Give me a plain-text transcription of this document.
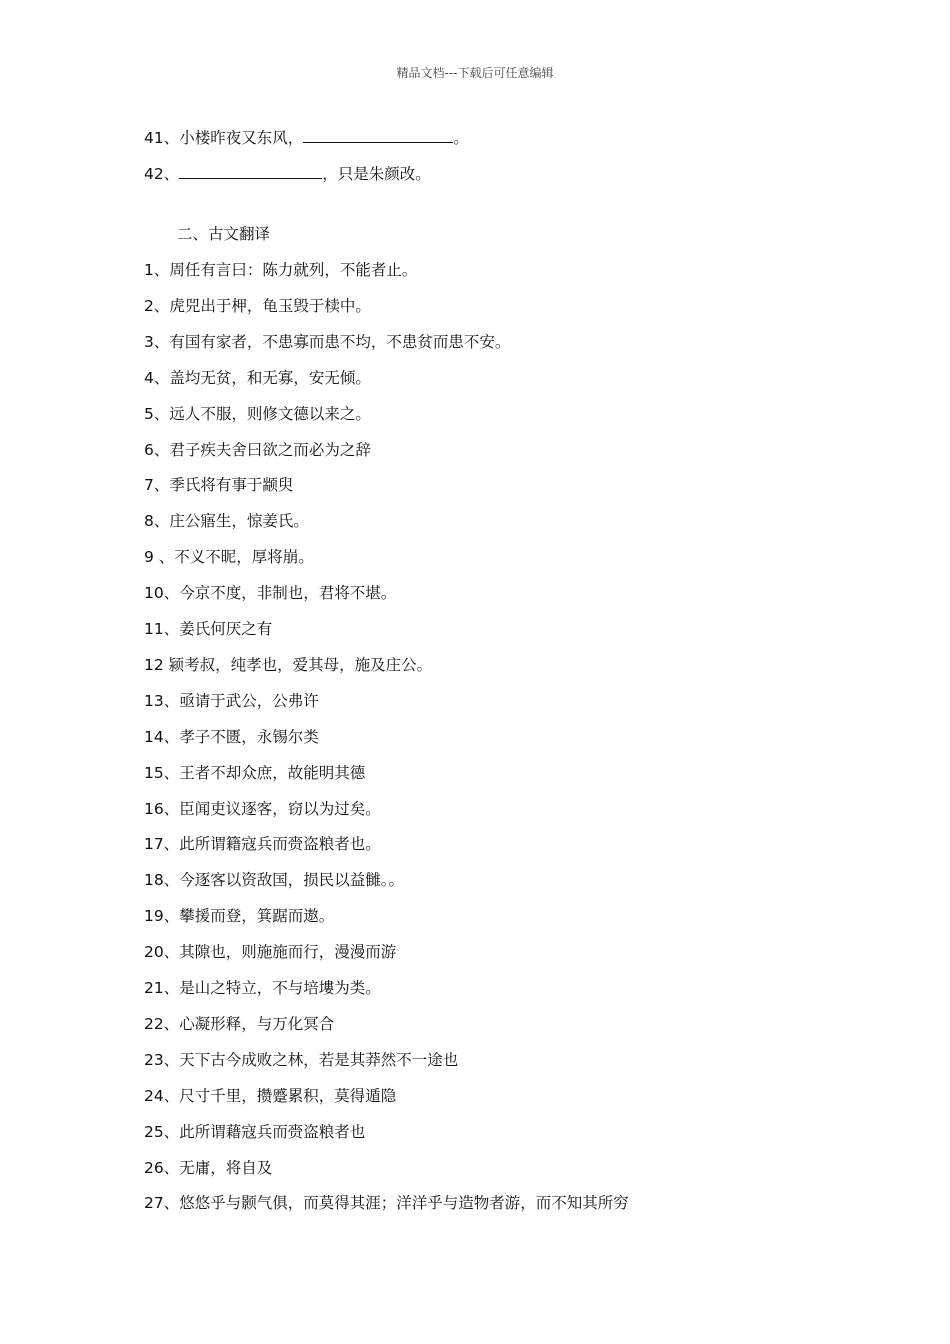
精品文档---下载后可任意编辑
41、小楼昨夜又东风，	。
42、	，只是朱颜改。
二、古文翻译
1、周任有言曰：陈力就列，不能者止。
2、虎兕出于柙，龟玉毁于椟中。
3、有国有家者，不患寡而患不均，不患贫而患不安。
4、盖均无贫，和无寡，安无倾。
5、远人不服，则修文德以来之。
6、君子疾夫舍曰欲之而必为之辞
7、季氏将有事于颛臾
8、庄公寤生，惊姜氏。
9 、不义不昵，厚将崩。
10、今京不度，非制也，君将不堪。
11、姜氏何厌之有
12 颍考叔，纯孝也，爱其母，施及庄公。
13、亟请于武公，公弗许
14、孝子不匮，永锡尔类
15、王者不却众庶，故能明其德
16、臣闻吏议逐客，窃以为过矣。
17、此所谓籍寇兵而赍盗粮者也。
18、今逐客以资敌国，损民以益雠。。
19、攀援而登，箕踞而遨。
20、其隙也，则施施而行，漫漫而游
21、是山之特立，不与培塿为类。
22、心凝形释，与万化冥合
23、天下古今成败之林，若是其莽然不一途也
24、尺寸千里，攒蹙累积，莫得遁隐
25、此所谓藉寇兵而赍盗粮者也
26、无庸，将自及
27、悠悠乎与颢气俱，而莫得其涯；洋洋乎与造物者游，而不知其所穷
